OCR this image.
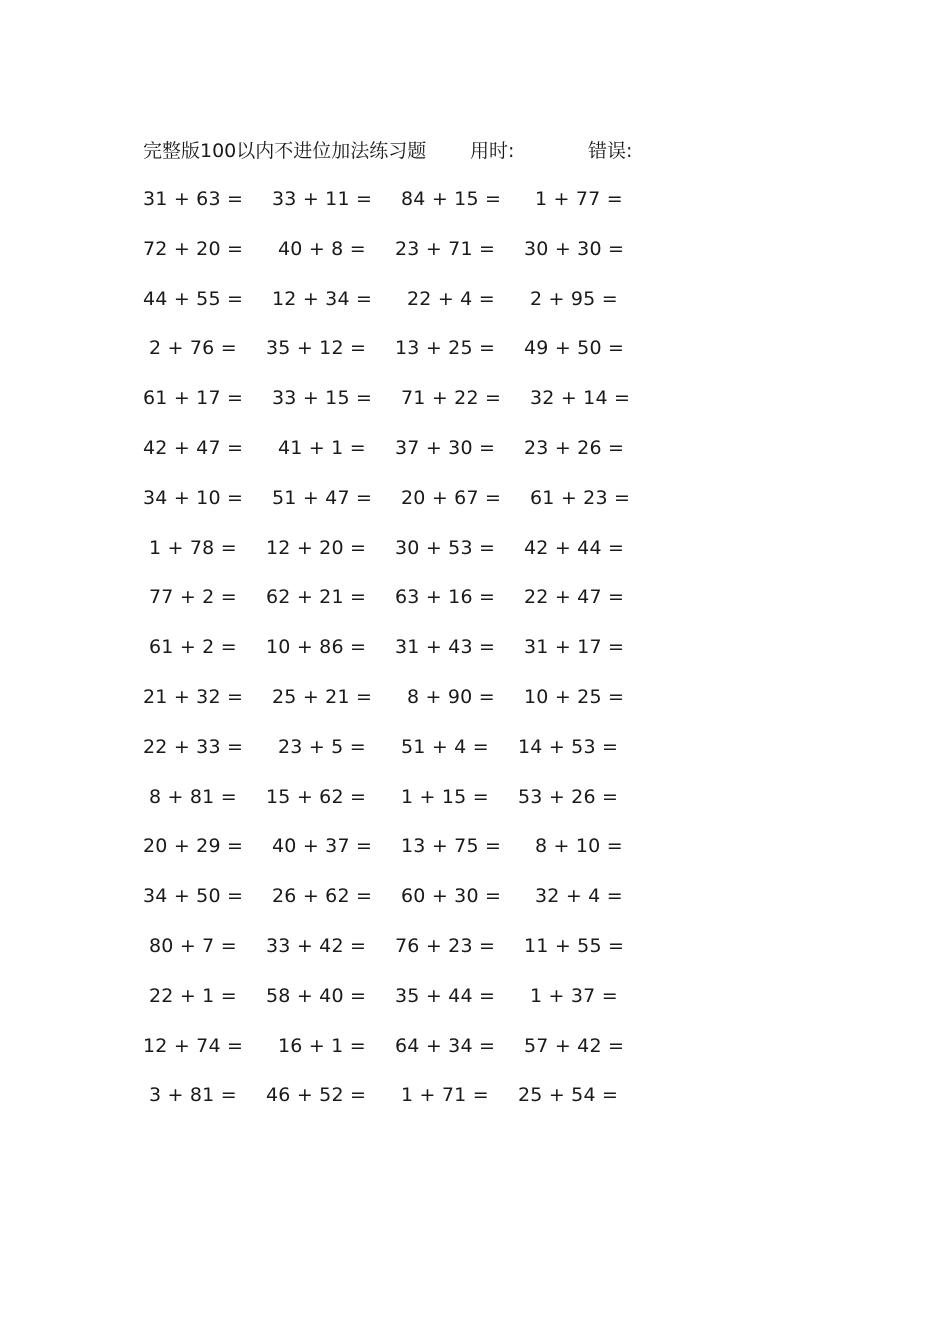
完整版100以内不进位加法练习题 用时:	错误:
31 + 63 = 33 + 11 = 84 + 15 = 1 + 77 =
72 + 20 = 40 + 8 = 23 + 71 = 30 + 30 =
44 + 55 = 12 + 34 = 22 + 4 = 2 + 95 =
2 + 76 = 35 + 12 = 13 + 25 = 49 + 50 =
61 + 17 = 33 + 15 = 71 + 22 = 32 + 14 =
42 + 47 = 41 + 1 = 37 + 30 = 23 + 26 =
34 + 10 = 51 + 47 = 20 + 67 = 61 + 23 =
1 + 78 = 12 + 20 = 30 + 53 = 42 + 44 =
77 + 2 = 62 + 21 = 63 + 16 = 22 + 47 =
61 + 2 = 10 + 86 = 31 + 43 = 31 + 17 =
21 + 32 = 25 + 21 = 8 + 90 = 10 + 25 =
22 + 33 = 23 + 5 = 51 + 4 = 14 + 53 =
8 + 81 = 15 + 62 = 1 + 15 = 53 + 26 =
20 + 29 = 40 + 37 = 13 + 75 = 8 + 10 =
34 + 50 = 26 + 62 = 60 + 30 = 32 + 4 =
80 + 7 = 33 + 42 = 76 + 23 = 11 + 55 =
22 + 1 = 58 + 40 = 35 + 44 = 1 + 37 =
12 + 74 = 16 + 1 = 64 + 34 = 57 + 42 =
3 + 81 = 46 + 52 = 1 + 71 = 25 + 54 =
